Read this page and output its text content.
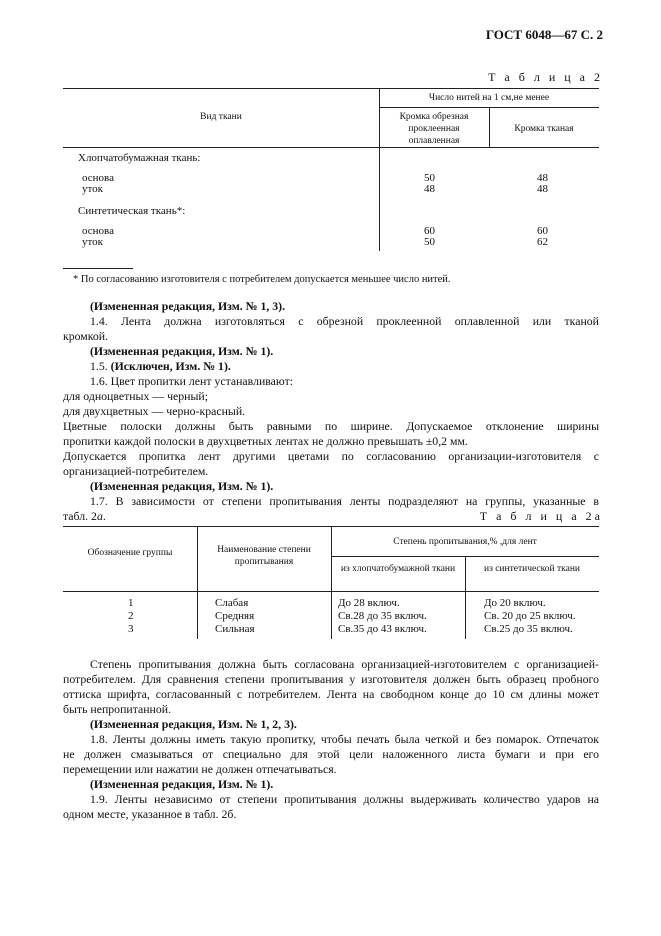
ГОСТ 6048—67 С. 2
Т а б л и ц а 2
Вид ткани
Число нитей на 1 см,не менее
Кромка обрезная проклеенная оплавленная
Кромка тканая
Хлопчатобумажная ткань:
основа	50	48
уток	48	48
Синтетическая ткань*:
основа	60	60
уток	50	62
* По согласованию изготовителя с потребителем допускается меньшее число нитей.
(Измененная редакция, Изм. № 1, 3).
1.4. Лента должна изготовляться с обрезной проклеенной оплавленной или тканой
кромкой.
(Измененная редакция, Изм. № 1).
1.5. (Исключен, Изм. № 1).
1.6. Цвет пропитки лент устанавливают:
для одноцветных — черный;
для двухцветных — черно-красный.
Цветные полоски должны быть равными по ширине. Допускаемое отклонение ширины
пропитки каждой полоски в двухцветных лентах не должно превышать ±0,2 мм.
Допускается пропитка лент другими цветами по согласованию организации-изготовителя с
организацией-потребителем.
(Измененная редакция, Изм. № 1).
1.7. В зависимости от степени пропитывания ленты подразделяют на группы, указанные в
табл. 2а.	Т а б л и ц а 2а
Обозначение группы	Наименование степени пропитывания
Степень пропитывания,% ,для лент
из хлопчатобумажной ткани	из синтетической ткани
1	Слабая	До 28 включ.	До 20 включ.
2	Средняя	Св.28 до 35 включ.	Св. 20 до 25 включ.
3	Сильная	Св.35 до 43 включ.	Св.25 до 35 включ.
Степень пропитывания должна быть согласована организацией-изготовителем с организацией-
потребителем. Для сравнения степени пропитывания у изготовителя должен быть образец пробного
оттиска шрифта, согласованный с потребителем. Лента на свободном конце до 10 см длины может
быть непропитанной.
(Измененная редакция, Изм. № 1, 2, 3).
1.8. Ленты должны иметь такую пропитку, чтобы печать была четкой и без помарок. Отпечаток
не должен смазываться от специально для этой цели наложенного листа бумаги и при его
перемещении или нажатии не должен отпечатываться.
(Измененная редакция, Изм. № 1).
1.9. Ленты независимо от степени пропитывания должны выдерживать количество ударов на
одном месте, указанное в табл. 2б.
